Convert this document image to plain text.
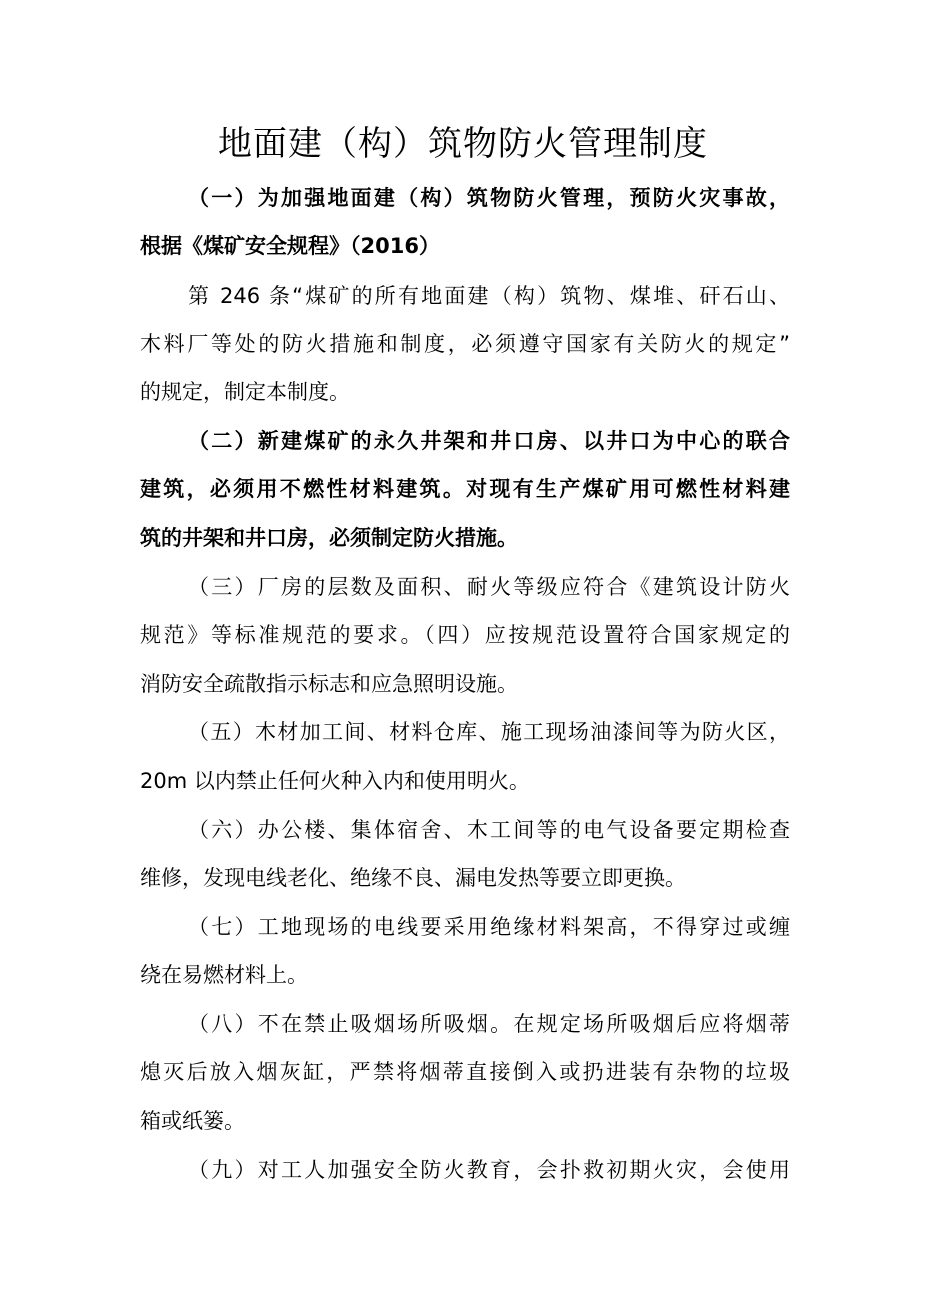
地面建（构）筑物防火管理制度

（一）为加强地面建（构）筑物防火管理，预防火灾事故，

根据《煤矿安全规程》（2016）

第 246 条“煤矿的所有地面建（构）筑物、煤堆、矸石山、

木料厂等处的防火措施和制度，必须遵守国家有关防火的规定”

的规定，制定本制度。

（二）新建煤矿的永久井架和井口房、以井口为中心的联合

建筑，必须用不燃性材料建筑。对现有生产煤矿用可燃性材料建

筑的井架和井口房，必须制定防火措施。

（三）厂房的层数及面积、耐火等级应符合《建筑设计防火

规范》等标准规范的要求。（四）应按规范设置符合国家规定的

消防安全疏散指示标志和应急照明设施。

（五）木材加工间、材料仓库、施工现场油漆间等为防火区，

20m 以内禁止任何火种入内和使用明火。

（六）办公楼、集体宿舍、木工间等的电气设备要定期检查

维修，发现电线老化、绝缘不良、漏电发热等要立即更换。

（七）工地现场的电线要采用绝缘材料架高，不得穿过或缠

绕在易燃材料上。

（八）不在禁止吸烟场所吸烟。在规定场所吸烟后应将烟蒂

熄灭后放入烟灰缸，严禁将烟蒂直接倒入或扔进装有杂物的垃圾

箱或纸篓。

（九）对工人加强安全防火教育，会扑救初期火灾，会使用
